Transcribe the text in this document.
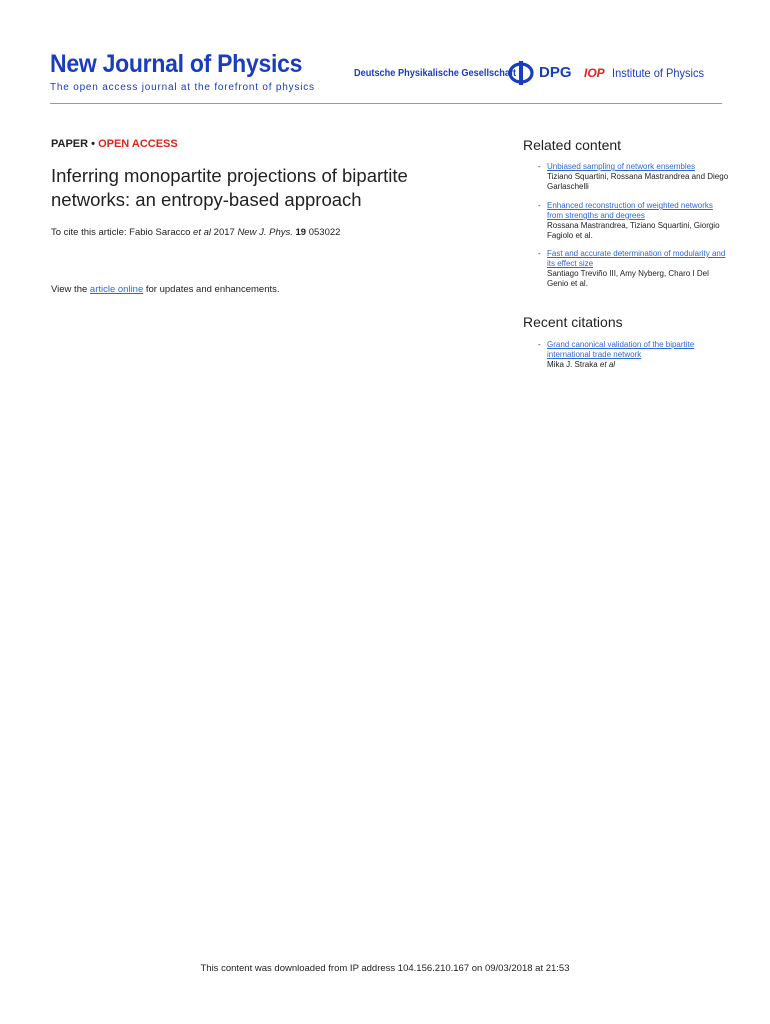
New Journal of Physics
The open access journal at the forefront of physics
Deutsche Physikalische Gesellschaft DPG IOP Institute of Physics
PAPER • OPEN ACCESS
Inferring monopartite projections of bipartite networks: an entropy-based approach
To cite this article: Fabio Saracco et al 2017 New J. Phys. 19 053022
View the article online for updates and enhancements.
Related content
- Unbiased sampling of network ensembles
Tiziano Squartini, Rossana Mastrandrea and Diego Garlaschelli
- Enhanced reconstruction of weighted networks from strengths and degrees
Rossana Mastrandrea, Tiziano Squartini, Giorgio Fagiolo et al.
- Fast and accurate determination of modularity and its effect size
Santiago Treviño III, Amy Nyberg, Charo I Del Genio et al.
Recent citations
- Grand canonical validation of the bipartite international trade network
Mika J. Straka et al
This content was downloaded from IP address 104.156.210.167 on 09/03/2018 at 21:53
